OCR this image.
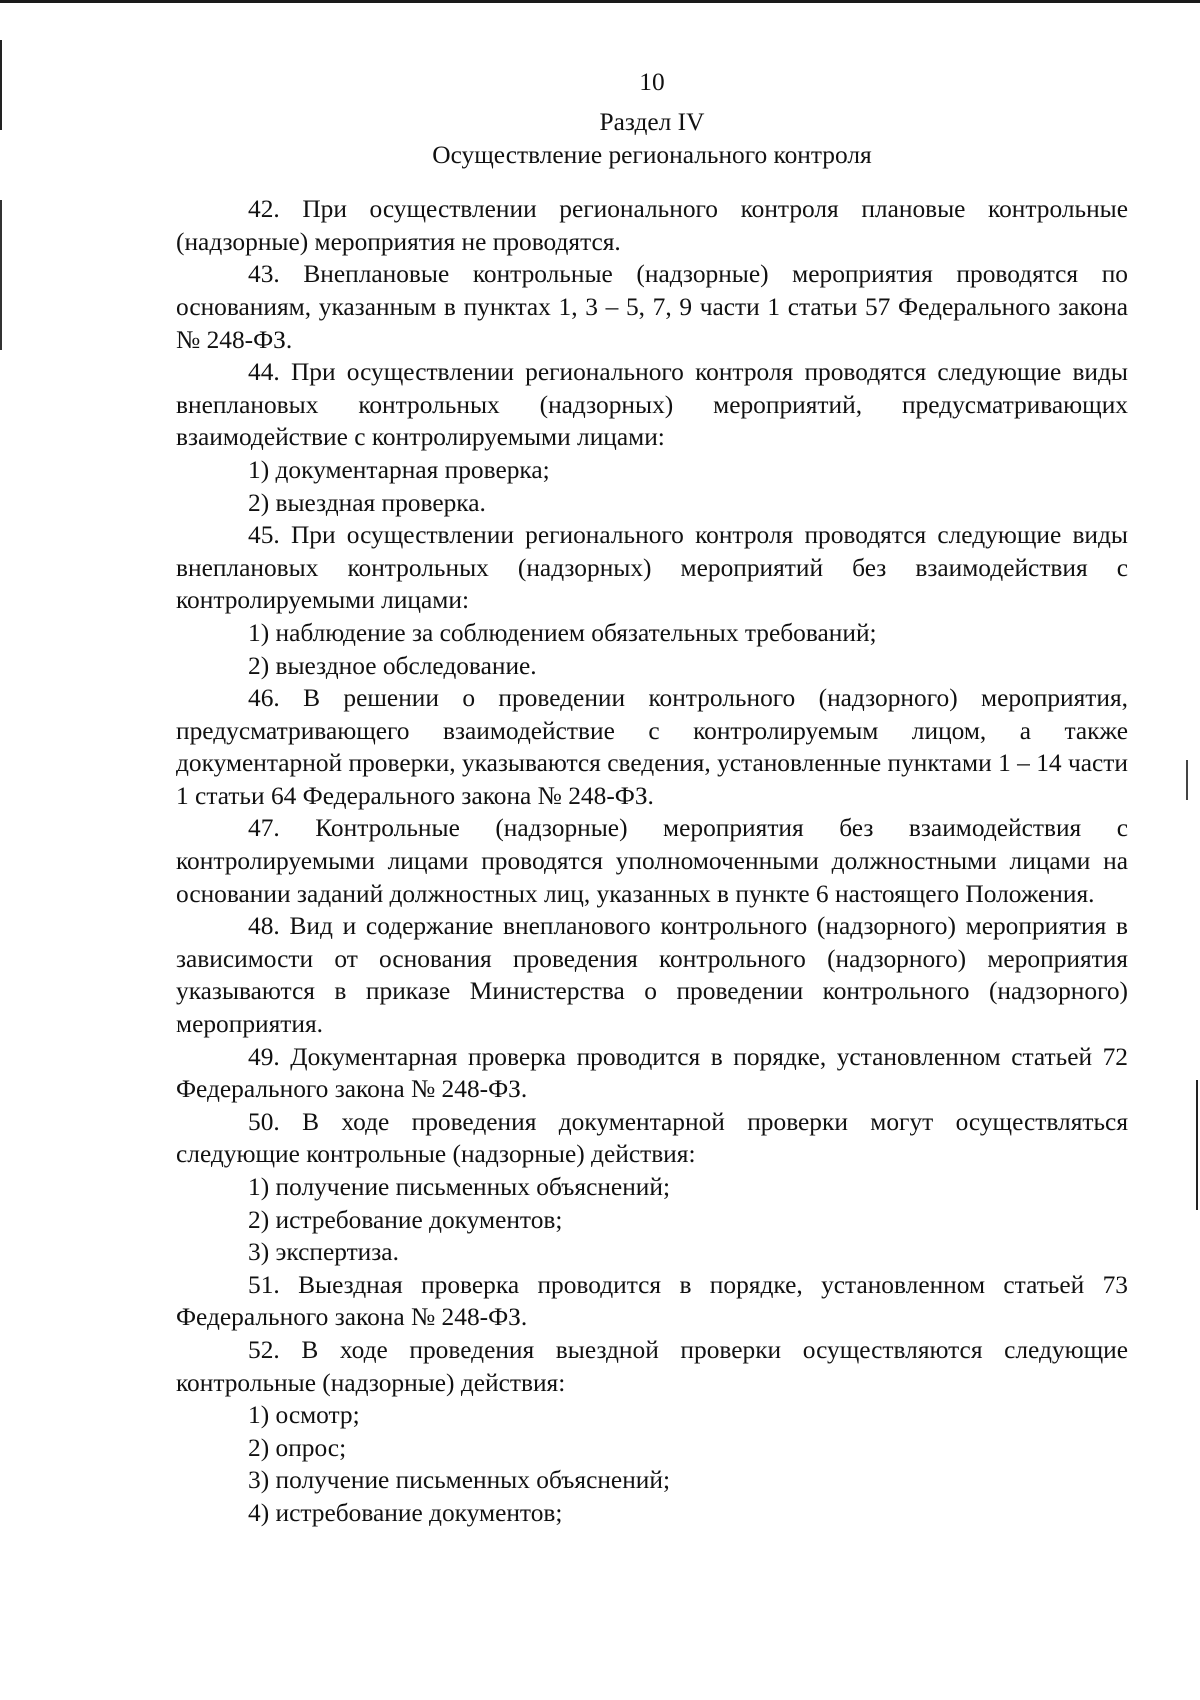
10
Раздел IV
Осуществление регионального контроля

42. При осуществлении регионального контроля плановые контрольные (надзорные) мероприятия не проводятся.

43. Внеплановые контрольные (надзорные) мероприятия проводятся по основаниям, указанным в пунктах 1, 3 – 5, 7, 9 части 1 статьи 57 Федерального закона № 248-ФЗ.

44. При осуществлении регионального контроля проводятся следующие виды внеплановых контрольных (надзорных) мероприятий, предусматривающих взаимодействие с контролируемыми лицами:

1) документарная проверка;

2) выездная проверка.

45. При осуществлении регионального контроля проводятся следующие виды внеплановых контрольных (надзорных) мероприятий без взаимодействия с контролируемыми лицами:

1) наблюдение за соблюдением обязательных требований;

2) выездное обследование.

46. В решении о проведении контрольного (надзорного) мероприятия, предусматривающего взаимодействие с контролируемым лицом, а также документарной проверки, указываются сведения, установленные пунктами 1 – 14 части 1 статьи 64 Федерального закона № 248-ФЗ.

47. Контрольные (надзорные) мероприятия без взаимодействия с контролируемыми лицами проводятся уполномоченными должностными лицами на основании заданий должностных лиц, указанных в пункте 6 настоящего Положения.

48. Вид и содержание внепланового контрольного (надзорного) мероприятия в зависимости от основания проведения контрольного (надзорного) мероприятия указываются в приказе Министерства о проведении контрольного (надзорного) мероприятия.

49. Документарная проверка проводится в порядке, установленном статьей 72 Федерального закона № 248-ФЗ.

50. В ходе проведения документарной проверки могут осуществляться следующие контрольные (надзорные) действия:

1) получение письменных объяснений;

2) истребование документов;

3) экспертиза.

51. Выездная проверка проводится в порядке, установленном статьей 73 Федерального закона № 248-ФЗ.

52. В ходе проведения выездной проверки осуществляются следующие контрольные (надзорные) действия:

1) осмотр;

2) опрос;

3) получение письменных объяснений;

4) истребование документов;
